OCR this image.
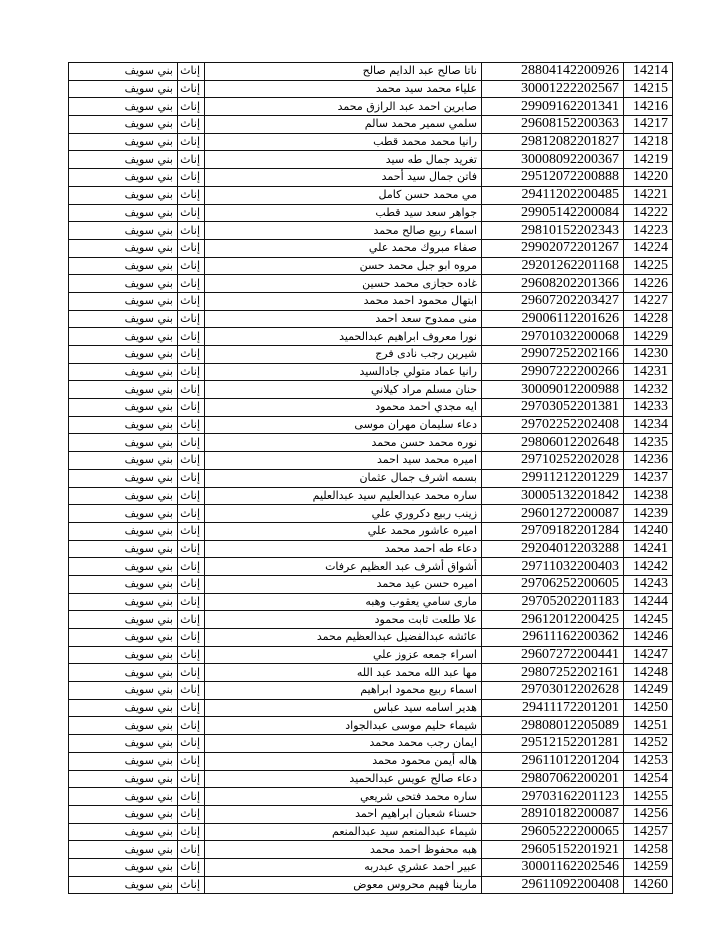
بني سويف	إناث	ناتا صالح عبد الدايم صالح	28804142200926	14214
بني سويف	إناث	علياء محمد سيد محمد	30001222202567	14215
بني سويف	إناث	صابرين احمد عبد الرازق محمد	29909162201341	14216
بني سويف	إناث	سلمي سمير محمد سالم	29608152200363	14217
بني سويف	إناث	رانيا محمد محمد قطب	29812082201827	14218
بني سويف	إناث	تغريد جمال طه سيد	30008092200367	14219
بني سويف	إناث	فاتن جمال سيد أحمد	29512072200888	14220
بني سويف	إناث	مي محمد حسن كامل	29411202200485	14221
بني سويف	إناث	جواهر سعد سيد قطب	29905142200084	14222
بني سويف	إناث	اسماء ربيع صالح محمد	29810152202343	14223
بني سويف	إناث	صفاء مبروك محمد علي	29902072201267	14224
بني سويف	إناث	مروه ابو جبل محمد حسن	29201262201168	14225
بني سويف	إناث	غاده حجازى محمد حسين	29608202201366	14226
بني سويف	إناث	ابتهال محمود احمد محمد	29607202203427	14227
بني سويف	إناث	منى ممدوح سعد احمد	29006112201626	14228
بني سويف	إناث	نورا معروف ابراهيم عبدالحميد	29701032200068	14229
بني سويف	إناث	شيرين رجب نادى فرج	29907252202166	14230
بني سويف	إناث	رانيا عماد متولي جادالسيد	29907222200266	14231
بني سويف	إناث	حنان مسلم مراد كيلاني	30009012200988	14232
بني سويف	إناث	ايه مجدي احمد محمود	29703052201381	14233
بني سويف	إناث	دعاء سليمان مهران موسى	29702252202408	14234
بني سويف	إناث	نوره محمد حسن محمد	29806012202648	14235
بني سويف	إناث	اميره محمد سيد احمد	29710252202028	14236
بني سويف	إناث	بسمه اشرف جمال عثمان	29911212201229	14237
بني سويف	إناث	ساره محمد عبدالعليم سيد عبدالعليم	30005132201842	14238
بني سويف	إناث	زينب ربيع دكروري علي	29601272200087	14239
بني سويف	إناث	اميره عاشور محمد علي	29709182201284	14240
بني سويف	إناث	دعاء طه احمد محمد	29204012203288	14241
بني سويف	إناث	أشواق أشرف عبد العظيم عرفات	29711032200403	14242
بني سويف	إناث	اميره حسن عيد محمد	29706252200605	14243
بني سويف	إناث	مارى سامي يعقوب وهبه	29705202201183	14244
بني سويف	إناث	علا طلعت ثابت محمود	29612012200425	14245
بني سويف	إناث	عائشه عبدالفضيل عبدالعظيم محمد	29611162200362	14246
بني سويف	إناث	اسراء جمعه عزوز علي	29607272200441	14247
بني سويف	إناث	مها عبد الله محمد عبد الله	29807252202161	14248
بني سويف	إناث	اسماء ربيع محمود ابراهيم	29703012202628	14249
بني سويف	إناث	هدير اسامه سيد عباس	29411172201201	14250
بني سويف	إناث	شيماء حليم موسى عبدالجواد	29808012205089	14251
بني سويف	إناث	ايمان رجب محمد محمد	29512152201281	14252
بني سويف	إناث	هاله أيمن محمود محمد	29611012201204	14253
بني سويف	إناث	دعاء صالح عويس عبدالحميد	29807062200201	14254
بني سويف	إناث	ساره محمد فتحى شريعي	29703162201123	14255
بني سويف	إناث	حسناء شعبان ابراهيم احمد	28910182200087	14256
بني سويف	إناث	شيماء عبدالمنعم سيد عبدالمنعم	29605222200065	14257
بني سويف	إناث	هبه محفوظ احمد محمد	29605152201921	14258
بني سويف	إناث	عبير احمد عشري عبدربه	30001162202546	14259
بني سويف	إناث	مارينا فهيم محروس معوض	29611092200408	14260
